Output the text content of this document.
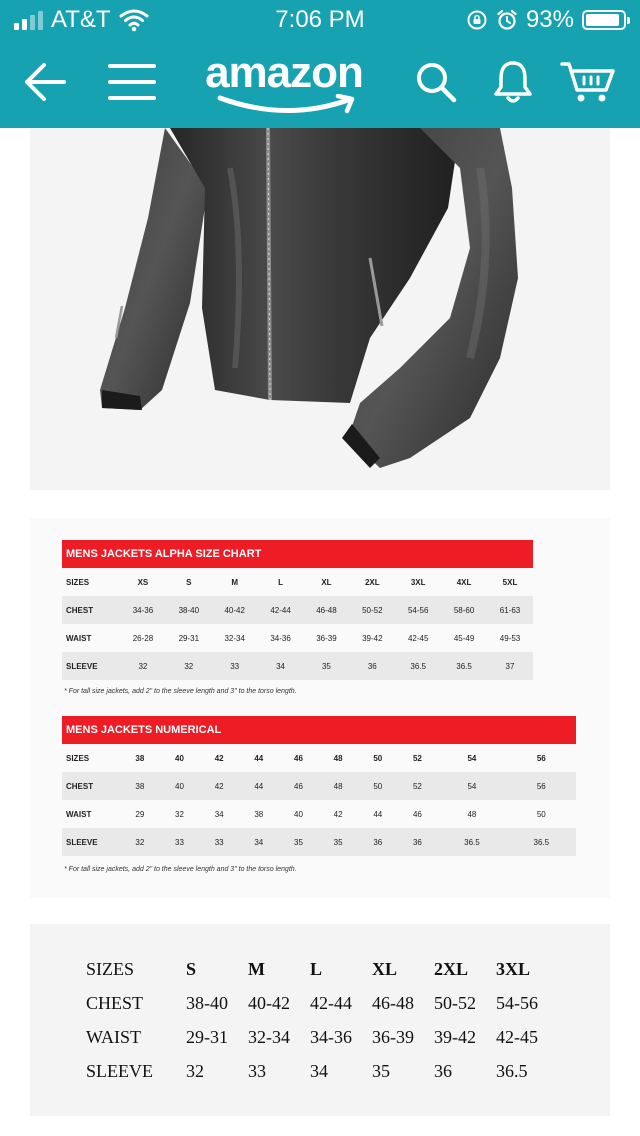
AT&T	7:06 PM	93%
amazon
MENS JACKETS ALPHA SIZE CHART
SIZES	XS	S	M	L	XL	2XL	3XL	4XL	5XL
CHEST	34-36	38-40	40-42	42-44	46-48	50-52	54-56	58-60	61-63
WAIST	26-28	29-31	32-34	34-36	36-39	39-42	42-45	45-49	49-53
SLEEVE	32	32	33	34	35	36	36.5	36.5	37
* For tall size jackets, add 2" to the sleeve length and 3" to the torso length.
MENS JACKETS NUMERICAL
SIZES	38	40	42	44	46	48	50	52	54	56
CHEST	38	40	42	44	46	48	50	52	54	56
WAIST	29	32	34	38	40	42	44	46	48	50
SLEEVE	32	33	33	34	35	35	36	36	36.5	36.5
* For tall size jackets, add 2" to the sleeve length and 3" to the torso length.
SIZES	S	M	L	XL	2XL	3XL
CHEST	38-40	40-42	42-44	46-48	50-52	54-56
WAIST	29-31	32-34	34-36	36-39	39-42	42-45
SLEEVE	32	33	34	35	36	36.5
